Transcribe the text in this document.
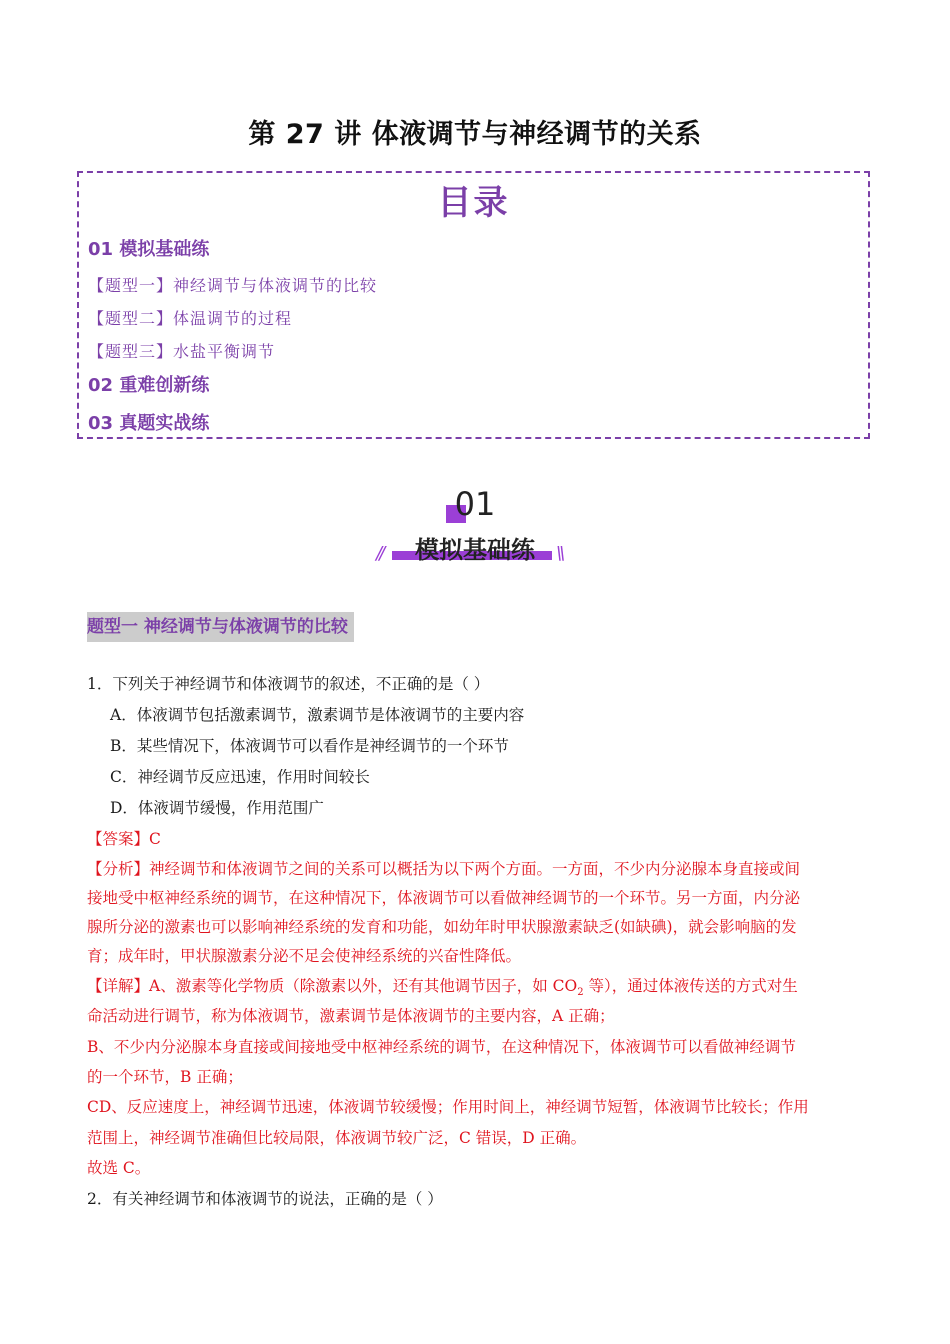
第 27 讲 体液调节与神经调节的关系
目录
01 模拟基础练
【题型一】神经调节与体液调节的比较
【题型二】体温调节的过程
【题型三】水盐平衡调节
02 重难创新练
03 真题实战练
01
模拟基础练
//	\\
题型一 神经调节与体液调节的比较
1．下列关于神经调节和体液调节的叙述，不正确的是（ ）
A．体液调节包括激素调节，激素调节是体液调节的主要内容
B．某些情况下，体液调节可以看作是神经调节的一个环节
C．神经调节反应迅速，作用时间较长
D．体液调节缓慢，作用范围广
【答案】C
【分析】神经调节和体液调节之间的关系可以概括为以下两个方面。一方面，不少内分泌腺本身直接或间
接地受中枢神经系统的调节，在这种情况下，体液调节可以看做神经调节的一个环节。另一方面，内分泌
腺所分泌的激素也可以影响神经系统的发育和功能，如幼年时甲状腺激素缺乏(如缺碘)，就会影响脑的发
育；成年时，甲状腺激素分泌不足会使神经系统的兴奋性降低。
【详解】A、激素等化学物质（除激素以外，还有其他调节因子，如 $CO_2$ 等），通过体液传送的方式对生
命活动进行调节，称为体液调节，激素调节是体液调节的主要内容，A 正确；
B、不少内分泌腺本身直接或间接地受中枢神经系统的调节，在这种情况下，体液调节可以看做神经调节
的一个环节，B 正确；
CD、反应速度上，神经调节迅速，体液调节较缓慢；作用时间上，神经调节短暂，体液调节比较长；作用
范围上，神经调节准确但比较局限，体液调节较广泛，C 错误，D 正确。
故选 C。
2．有关神经调节和体液调节的说法，正确的是（ ）
